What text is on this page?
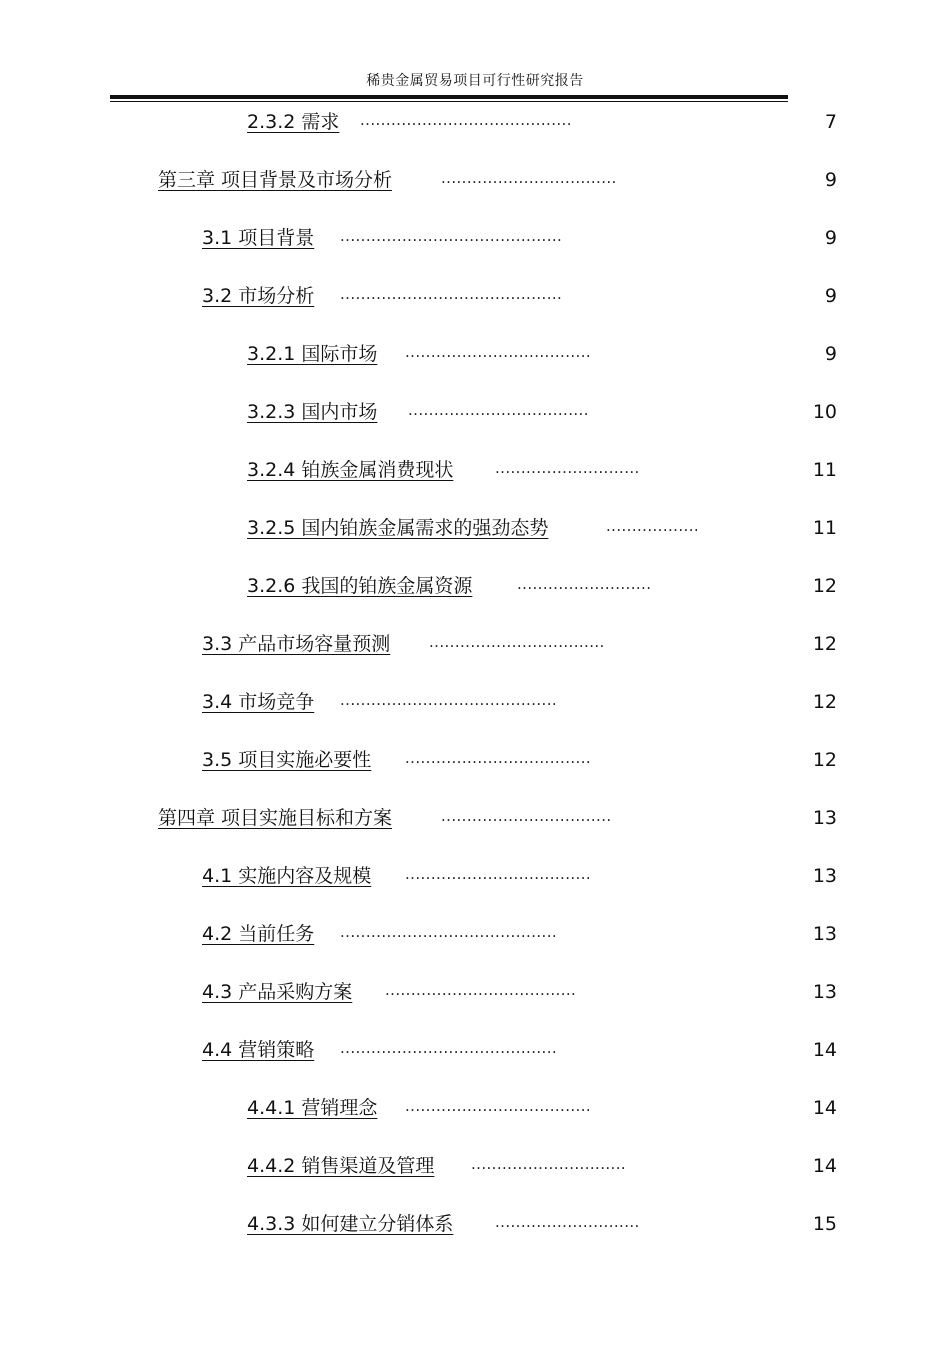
稀贵金属贸易项目可行性研究报告
2.3.2 需求 .........................................	7
第三章 项目背景及市场分析	..................................	9
3.1 项目背景 ...........................................	9
3.2 市场分析 ...........................................	9
3.2.1 国际市场 ....................................	9
3.2.3 国内市场 ...................................	10
3.2.4 铂族金属消费现状	............................	11
3.2.5 国内铂族金属需求的强劲态势	..................	11
3.2.6 我国的铂族金属资源	..........................	12
3.3 产品市场容量预测	..................................	12
3.4 市场竞争 ..........................................	12
3.5 项目实施必要性 ....................................	12
第四章 项目实施目标和方案	.................................	13
4.1 实施内容及规模 ....................................	13
4.2 当前任务 ..........................................	13
4.3 产品采购方案 .....................................	13
4.4 营销策略 ..........................................	14
4.4.1 营销理念 ....................................	14
4.4.2 销售渠道及管理 ..............................	14
4.3.3 如何建立分销体系	............................	15
